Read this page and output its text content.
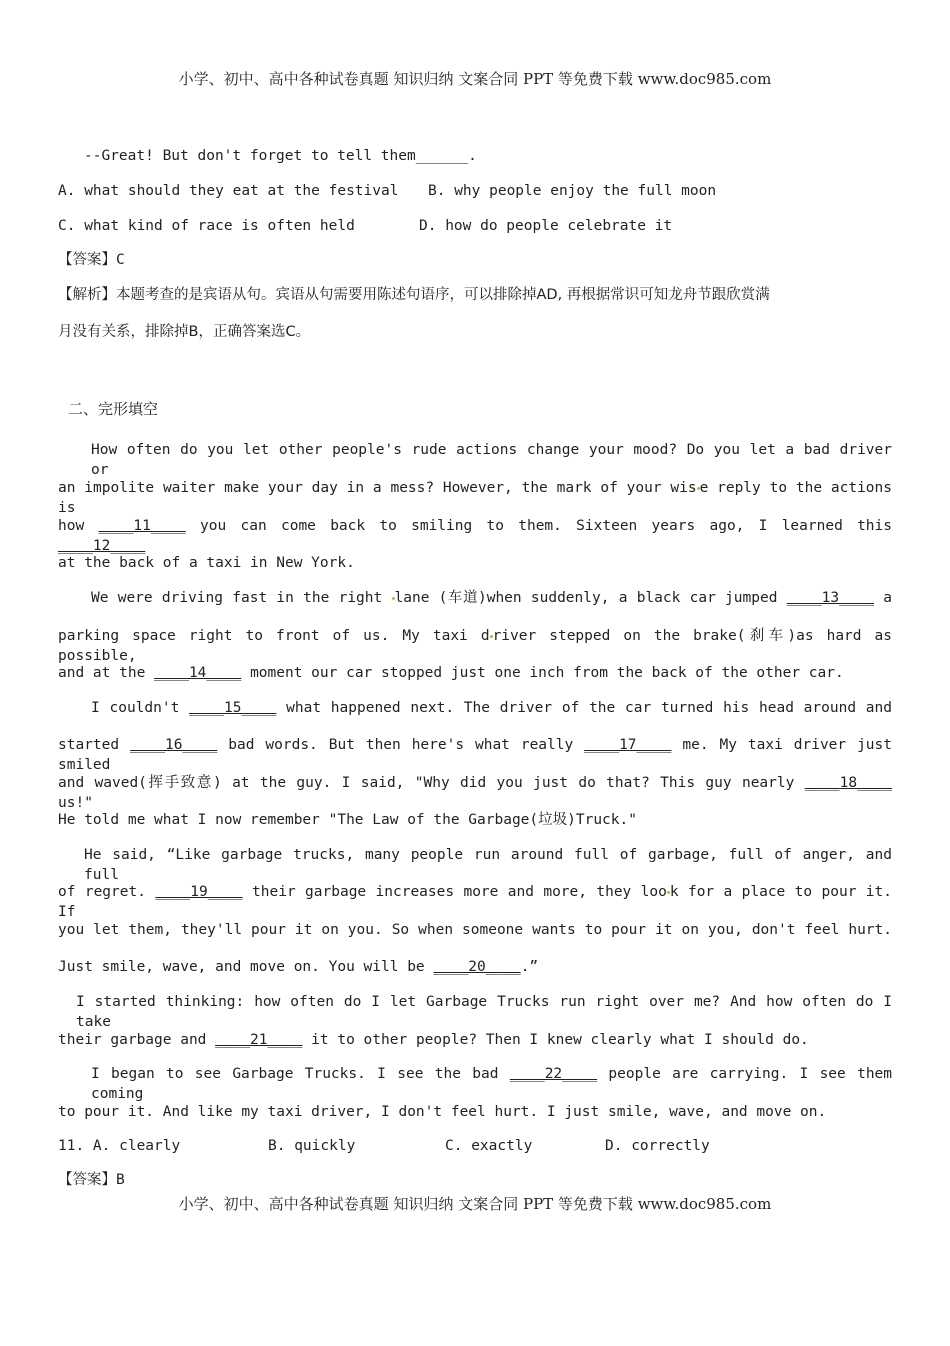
小学、初中、高中各种试卷真题 知识归纳 文案合同 PPT 等免费下载 www.doc985.com
--Great! But don't forget to tell them______.
A. what should they eat at the festival B. why people enjoy the full moon
C. what kind of race is often held	D. how do people celebrate it
【答案】C
【解析】本题考查的是宾语从句。宾语从句需要用陈述句语序，可以排除掉AD, 再根据常识可知龙舟节跟欣赏满
月没有关系，排除掉B，正确答案选C。
二、完形填空
How often do you let other people's rude actions change your mood? Do you let a bad driver or
an impolite waiter make your day in a mess? However, the mark of your wis e reply to the actions is
how ____11____ you can come back to smiling to them. Sixteen years ago, I learned this ____12____
at the back of a taxi in New York.
We were driving fast in the right lane (车道)when suddenly, a black car jumped ____13____ a
parking space right to front of us. My taxi d river stepped on the brake(刹车)as hard as possible,
and at the ____14____ moment our car stopped just one inch from the back of the other car.
I couldn't ____15____ what happened next. The driver of the car turned his head around and
started ____16____ bad words. But then here's what really ____17____ me. My taxi driver just smiled
and waved(挥手致意) at the guy. I said, "Why did you just do that? This guy nearly ____18____ us!"
He told me what I now remember "The Law of the Garbage(垃圾)Truck."
He said, “Like garbage trucks, many people run around full of garbage, full of anger, and full
of regret. ____19____ their garbage increases more and more, they loo k for a place to pour it. If
you let them, they'll pour it on you. So when someone wants to pour it on you, don't feel hurt.
Just smile, wave, and move on. You will be ____20____.”
I started thinking: how often do I let Garbage Trucks run right over me? And how often do I take
their garbage and ____21____ it to other people? Then I knew clearly what I should do.
I began to see Garbage Trucks. I see the bad ____22____ people are carrying. I see them coming
to pour it. And like my taxi driver, I don't feel hurt. I just smile, wave, and move on.
11. A. clearly	B. quickly	C. exactly	D. correctly
【答案】B
小学、初中、高中各种试卷真题 知识归纳 文案合同 PPT 等免费下载 www.doc985.com
